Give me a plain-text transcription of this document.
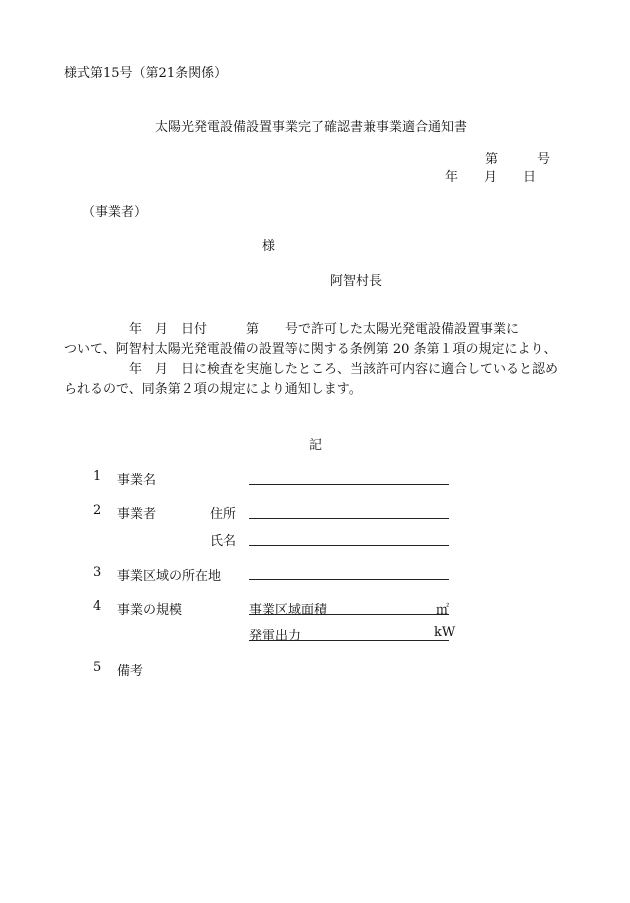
様式第15号（第21条関係）
太陽光発電設備設置事業完了確認書兼事業適合通知書
第　　　号
年　　月　　日
（事業者）
様
阿智村長
　　　　　年　月　日付　　　第　　号で許可した太陽光発電設備設置事業に
ついて、阿智村太陽光発電設備の設置等に関する条例第 20 条第１項の規定により、
　　　　　年　月　日に検査を実施したところ、当該許可内容に適合していると認め
られるので、同条第２項の規定により通知します。
記
1 事業名
2 事業者	住所
氏名
3 事業区域の所在地
4 事業の規模	事業区域面積	㎡
発電出力	kW
5 備考
